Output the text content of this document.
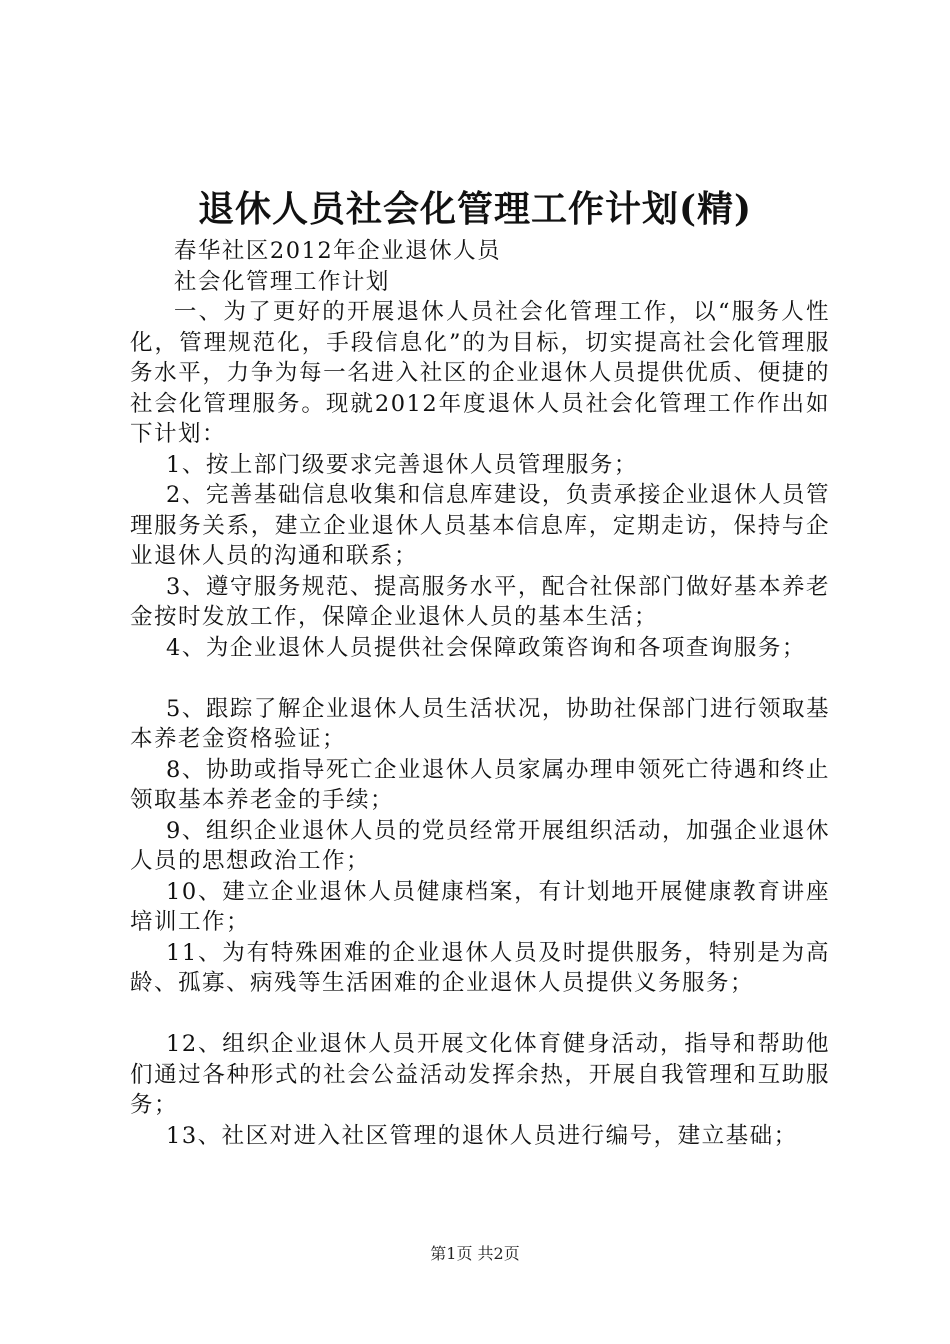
退休人员社会化管理工作计划(精)

春华社区2012年企业退休人员

社会化管理工作计划

一、为了更好的开展退休人员社会化管理工作，以“服务人性化，管理规范化，手段信息化”的为目标，切实提高社会化管理服务水平，力争为每一名进入社区的企业退休人员提供优质、便捷的社会化管理服务。现就2012年度退休人员社会化管理工作作出如下计划：

1、按上部门级要求完善退休人员管理服务；

2、完善基础信息收集和信息库建设，负责承接企业退休人员管理服务关系，建立企业退休人员基本信息库，定期走访，保持与企业退休人员的沟通和联系；

3、遵守服务规范、提高服务水平，配合社保部门做好基本养老金按时发放工作，保障企业退休人员的基本生活；

4、为企业退休人员提供社会保障政策咨询和各项查询服务；

5、跟踪了解企业退休人员生活状况，协助社保部门进行领取基本养老金资格验证；

8、协助或指导死亡企业退休人员家属办理申领死亡待遇和终止领取基本养老金的手续；

9、组织企业退休人员的党员经常开展组织活动，加强企业退休人员的思想政治工作；

10、建立企业退休人员健康档案，有计划地开展健康教育讲座培训工作；

11、为有特殊困难的企业退休人员及时提供服务，特别是为高龄、孤寡、病残等生活困难的企业退休人员提供义务服务；

12、组织企业退休人员开展文化体育健身活动，指导和帮助他们通过各种形式的社会公益活动发挥余热，开展自我管理和互助服务；

13、社区对进入社区管理的退休人员进行编号，建立基础；

第1页 共2页
